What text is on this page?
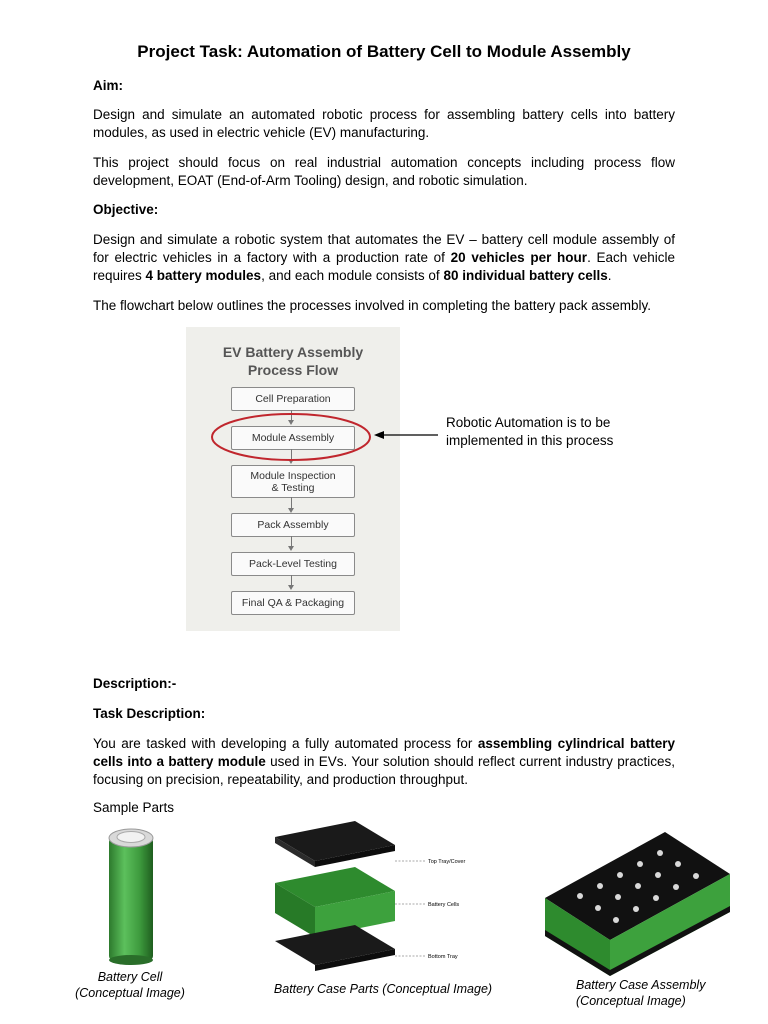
Project Task: Automation of Battery Cell to Module Assembly
Aim:
Design and simulate an automated robotic process for assembling battery cells into battery modules, as used in electric vehicle (EV) manufacturing.
This project should focus on real industrial automation concepts including process flow development, EOAT (End-of-Arm Tooling) design, and robotic simulation.
Objective:
Design and simulate a robotic system that automates the EV – battery cell module assembly of for electric vehicles in a factory with a production rate of 20 vehicles per hour. Each vehicle requires 4 battery modules, and each module consists of 80 individual battery cells.
The flowchart below outlines the processes involved in completing the battery pack assembly.
EV Battery Assembly
Process Flow
Cell Preparation
Module Assembly
Module Inspection
& Testing
Pack Assembly
Pack-Level Testing
Final QA & Packaging
Robotic Automation is to be implemented in this process
Description:-
Task Description:
You are tasked with developing a fully automated process for assembling cylindrical battery cells into a battery module used in EVs. Your solution should reflect current industry practices, focusing on precision, repeatability, and production throughput.
Sample Parts
Battery Cell
(Conceptual Image)
Top Tray/Cover
Battery Cells
Bottom Tray
Battery Case Parts (Conceptual Image)	Battery Case Assembly
(Conceptual Image)
